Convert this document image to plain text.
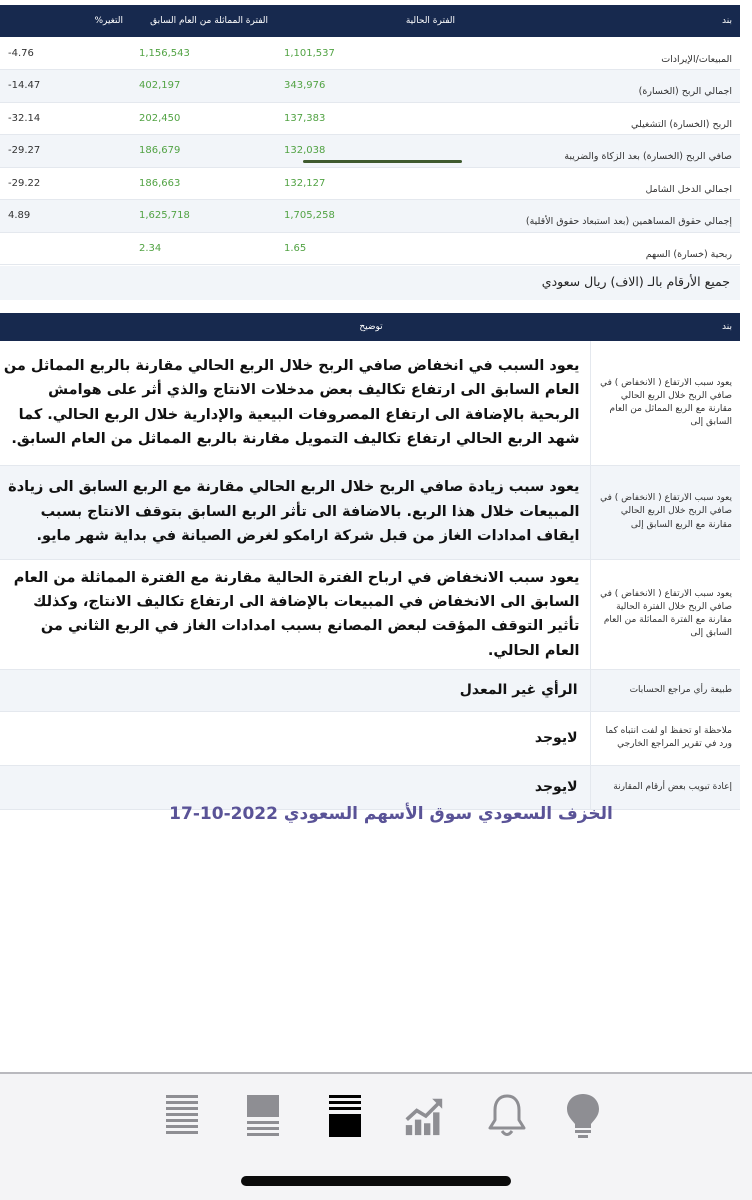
بند	الفترة الحالية	الفترة المماثلة من العام السابق	التغير%
المبيعات/الإيرادات	1,101,537	1,156,543	-4.76
اجمالي الربح (الخسارة)	343,976	402,197	-14.47
الربح (الخسارة) التشغيلي	137,383	202,450	-32.14
صافي الربح (الخسارة) بعد الزكاة والضريبة	132,038	186,679	-29.27
اجمالي الدخل الشامل	132,127	186,663	-29.22
إجمالي حقوق المساهمين (بعد استبعاد حقوق الأقلية)	1,705,258	1,625,718	4.89
ربحية (خسارة) السهم	1.65	2.34	
جميع الأرقام بالـ (الاف) ريال سعودي
بند	توضيح
يعود سبب الارتفاع ( الانخفاض ) في صافي الربح خلال الربع الحالي مقارنة مع الربع المماثل من العام السابق إلى	يعود السبب في انخفاض صافي الربح خلال الربع الحالي مقارنة بالربع المماثل من العام السابق الى ارتفاع تكاليف بعض مدخلات الانتاج والذي أثر على هوامش الربحية بالإضافة الى ارتفاع المصروفات البيعية والإدارية خلال الربع الحالي. كما شهد الربع الحالي ارتفاع تكاليف التمويل مقارنة بالربع المماثل من العام السابق.
يعود سبب الارتفاع ( الانخفاض ) في صافي الربح خلال الربع الحالي مقارنة مع الربع السابق إلى	يعود سبب زيادة صافي الربح خلال الربع الحالي مقارنة مع الربع السابق الى زيادة المبيعات خلال هذا الربع. بالاضافة الى تأثر الربع السابق بتوقف الانتاج بسبب ايقاف امدادات الغاز من قبل شركة ارامكو لغرض الصيانة في بداية شهر مايو.
يعود سبب الارتفاع ( الانخفاض ) في صافي الربح خلال الفترة الحالية مقارنة مع الفترة المماثلة من العام السابق إلى	يعود سبب الانخفاض في ارباح الفترة الحالية مقارنة مع الفترة المماثلة من العام السابق الى الانخفاض في المبيعات بالإضافة الى ارتفاع تكاليف الانتاج، وكذلك تأثير التوقف المؤقت لبعض المصانع بسبب امدادات الغاز في الربع الثاني من العام الحالي.
طبيعة رأي مراجع الحسابات	الرأي غير المعدل
ملاحظة او تحفظ او لفت انتباه كما ورد في تقرير المراجع الخارجي	لايوجد
إعادة تبويب بعض أرقام المقارنة	لايوجد
الخزف السعودي سوق الأسهم السعودي 2022-10-17
